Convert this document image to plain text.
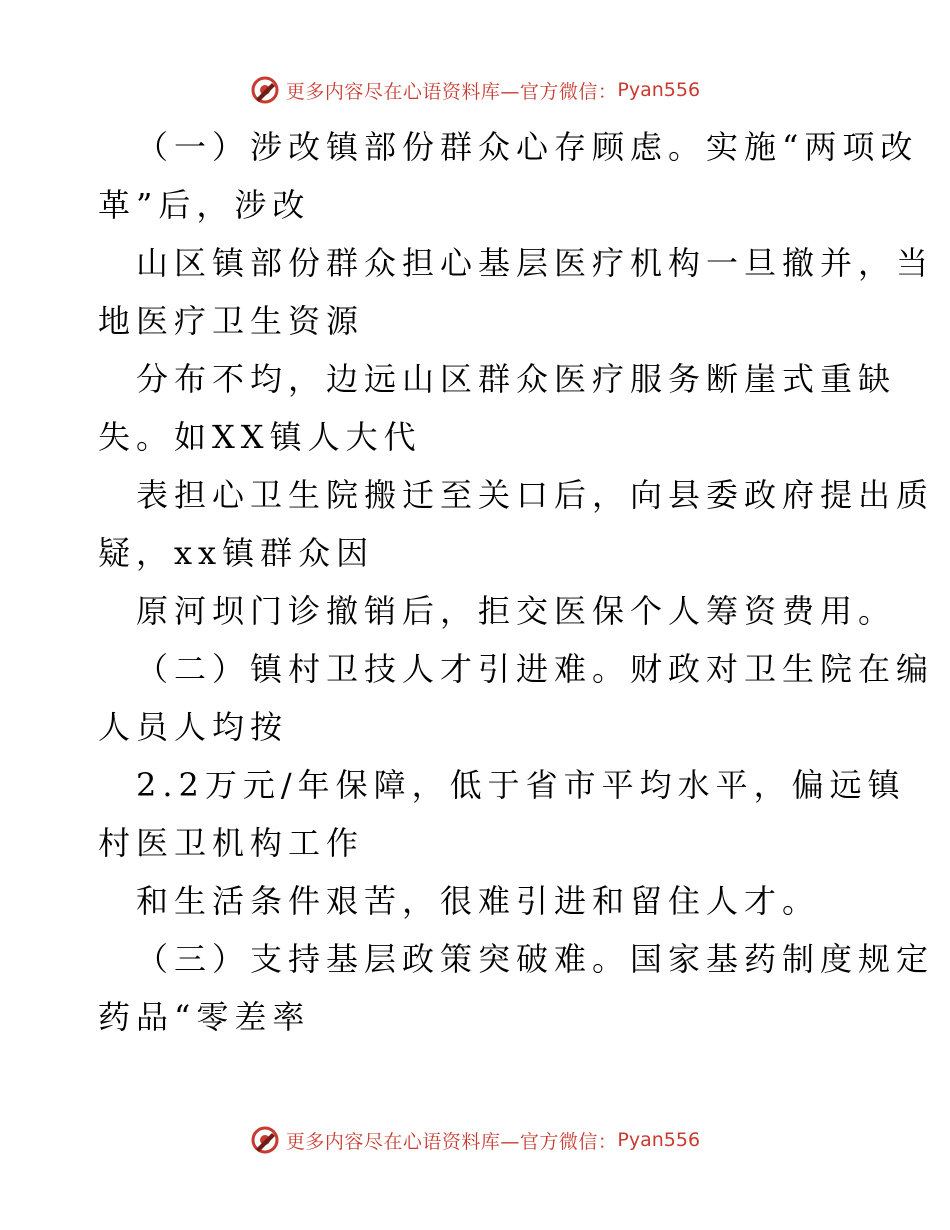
更多内容尽在心语资料库—官方微信： Pyan556
（一）涉改镇部份群众心存顾虑。实施“两项改
革”后，涉改
山区镇部份群众担心基层医疗机构一旦撤并，当
地医疗卫生资源
分布不均，边远山区群众医疗服务断崖式重缺
失。如XX镇人大代
表担心卫生院搬迁至关口后，向县委政府提出质
疑，xx镇群众因
原河坝门诊撤销后，拒交医保个人筹资费用。
（二）镇村卫技人才引进难。财政对卫生院在编
人员人均按
2.2万元/年保障，低于省市平均水平，偏远镇
村医卫机构工作
和生活条件艰苦，很难引进和留住人才。
（三）支持基层政策突破难。国家基药制度规定
药品“零差率
更多内容尽在心语资料库—官方微信： Pyan556
